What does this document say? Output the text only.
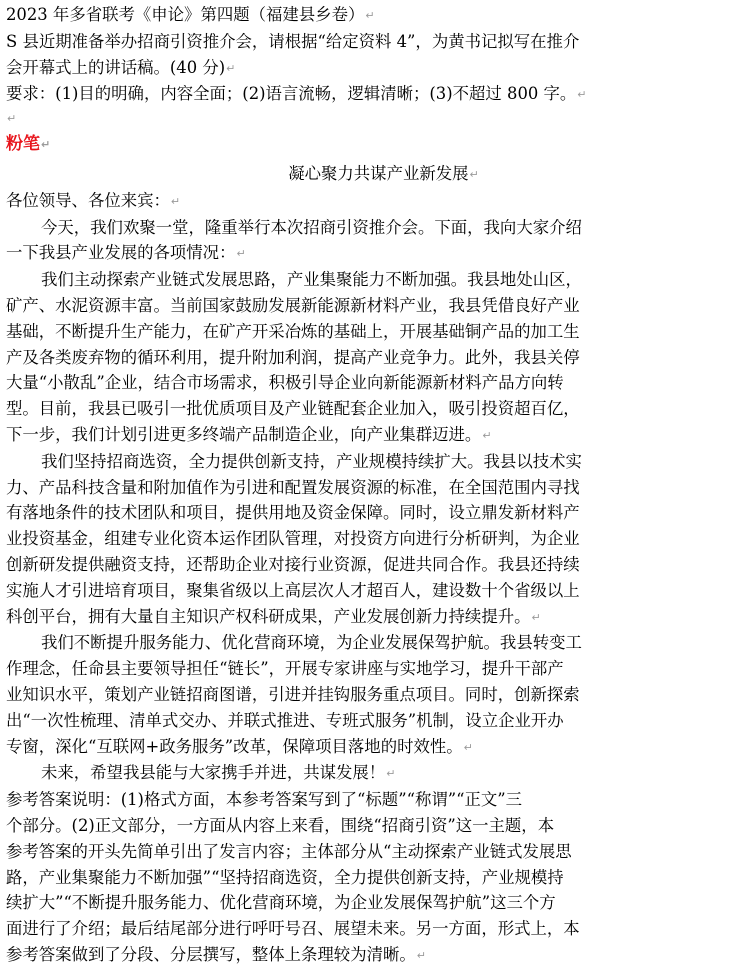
2023 年多省联考《申论》第四题（福建县乡卷）↵
S 县近期准备举办招商引资推介会，请根据“给定资料 4”，为黄书记拟写在推介
会开幕式上的讲话稿。(40 分)↵
要求：(1)目的明确，内容全面；(2)语言流畅，逻辑清晰；(3)不超过 800 字。↵
↵
粉笔↵
凝心聚力共谋产业新发展↵
各位领导、各位来宾：↵
今天，我们欢聚一堂，隆重举行本次招商引资推介会。下面，我向大家介绍
一下我县产业发展的各项情况：↵
我们主动探索产业链式发展思路，产业集聚能力不断加强。我县地处山区，
矿产、水泥资源丰富。当前国家鼓励发展新能源新材料产业，我县凭借良好产业
基础，不断提升生产能力，在矿产开采冶炼的基础上，开展基础铜产品的加工生
产及各类废弃物的循环利用，提升附加利润，提高产业竞争力。此外，我县关停
大量“小散乱”企业，结合市场需求，积极引导企业向新能源新材料产品方向转
型。目前，我县已吸引一批优质项目及产业链配套企业加入，吸引投资超百亿，
下一步，我们计划引进更多终端产品制造企业，向产业集群迈进。↵
我们坚持招商选资，全力提供创新支持，产业规模持续扩大。我县以技术实
力、产品科技含量和附加值作为引进和配置发展资源的标准，在全国范围内寻找
有落地条件的技术团队和项目，提供用地及资金保障。同时，设立鼎发新材料产
业投资基金，组建专业化资本运作团队管理，对投资方向进行分析研判，为企业
创新研发提供融资支持，还帮助企业对接行业资源，促进共同合作。我县还持续
实施人才引进培育项目，聚集省级以上高层次人才超百人，建设数十个省级以上
科创平台，拥有大量自主知识产权科研成果，产业发展创新力持续提升。↵
我们不断提升服务能力、优化营商环境，为企业发展保驾护航。我县转变工
作理念，任命县主要领导担任“链长”，开展专家讲座与实地学习，提升干部产
业知识水平，策划产业链招商图谱，引进并挂钩服务重点项目。同时，创新探索
出“一次性梳理、清单式交办、并联式推进、专班式服务”机制，设立企业开办
专窗，深化“互联网+政务服务”改革，保障项目落地的时效性。↵
未来，希望我县能与大家携手并进，共谋发展！↵
参考答案说明：(1)格式方面，本参考答案写到了“标题”“称谓”“正文”三
个部分。(2)正文部分，一方面从内容上来看，围绕“招商引资”这一主题，本
参考答案的开头先简单引出了发言内容；主体部分从“主动探索产业链式发展思
路，产业集聚能力不断加强”“坚持招商选资，全力提供创新支持，产业规模持
续扩大”“不断提升服务能力、优化营商环境，为企业发展保驾护航”这三个方
面进行了介绍；最后结尾部分进行呼吁号召、展望未来。另一方面，形式上，本
参考答案做到了分段、分层撰写，整体上条理较为清晰。↵
